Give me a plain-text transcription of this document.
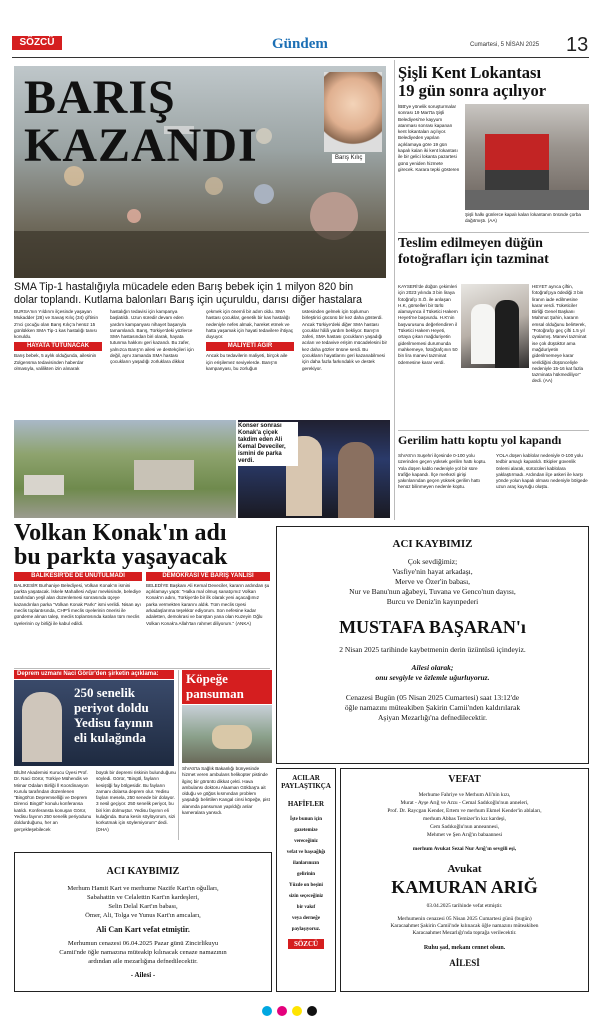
SÖZCÜ	Gündem	Cumartesi, 5 NİSAN 2025 13
BARIŞ
KAZANDI	Barış Kılıç
SMA Tip-1 hastalığıyla mücadele eden Barış bebek için 1 milyon 820 bin
dolar toplandı. Kutlama balonları Barış için uçuruldu, darısı diğer hastalara

BURSA'nın Yıldırım ilçesinde yaşayan Mukadder (28) ve Savaş Kılıç (34) çiftinin 2'nci çocuğu olan Barış Kılıç'a henüz 15 günlükken SMA Tip-1 kas hastalığı tanısı konuldu.

HAYATA TUTUNACAK

Barış bebek, 5 aylık olduğunda, ailesinin Zolgensma tedavisinden haberdar olmasıyla, valilikten izin alınarak

hastalığın tedavisi için kampanya başlatıldı. Uzun süredir devam eden yardım kampanyası nihayet başarıyla tamamlandı. Barış, Türkiye'deki yüzlerce SMA hastasından biri olarak, hayata tutunma hakkını geri kazandı. Bu zafer, yalnızca Barış'ın ailesi ve destekçileri için değil, aynı zamanda SMA hastası çocukların yaşadığı zorluklara dikkat

çekmek için önemli bir adım oldu. SMA hastası çocuklar, genetik bir kas hastalığı nedeniyle nefes almak, hareket etmek ve hatta yaşamak için hayati tedavilere ihtiyaç duyuyor.

MALİYETİ AĞIR

Ancak bu tedavilerin maliyeti, birçok aile için erişilemez seviyelerde. Barış'ın kampanyası, bu zorluğun

üstesinden gelmek için toplumun birleştirici gücünü bir kez daha gösterdi. Ancak Türkiye'deki diğer SMA hastası çocuklar hâlâ yardım bekliyor. Barış'ın zaferi, SMA hastası çocukların yaşadığı acıları ve tedavive erişim mücadelesini bir kez daha gözler önüne serdi. Bu çocukların hayatlarını geri kazanabilmesi için daha fazla farkındalık ve destek gerekiyor.

Şişli Kent Lokantası
19 gün sonra açılıyor

İBB'ye yönelik soruşturmalar sonrası 19 Mart'ta Şişli Belediyesi'ne kayyum atanması sonrası kapanan kent lokantaları açılıyor. Belediyeden yapılan açıklamaya göre 19 gün kapalı kalan iki kent lokantası ile bir gelici lokanta pazartesi günü yeniden hizmete girecek. Karara tepki gösteren

Şişli halkı günlerce kapalı kalan lokantanın önünde çorba dağıtmıştı. (AA)

Teslim edilmeyen düğün
fotoğrafları için tazminat

KAYSERİ'de düğün çekimleri için 2023 yılında 3 bin liraya fotoğrafçı S.Ö. ile anlaşan H.K, görselleri bir türlü alamayınca il Tüketici Hakem Heyeti'ne başvurdu. H.K'nin başvurusunu değerlendiren il Tüketici Hakem Heyeti, ortaya çıkan mağduriyetin giderilmemesi durumunda mahkemeye, fotoğrafçının 50 bin lira manevi tazminat ödemesine karar verdi.

HEYET ayrıca çiftin, fotoğrafçıya ödediği 3 bin liranın iade edilmesine karar verdi. Tüketiciler Birliği Genel Başkanı Mahmut Şahin, kararın emsal olduğunu belirterek, "Fotoğrafçı geç çifti 1.5 yıl oyalamış. Manevi tazminat ise çok düşüktür ama mağduriyetin giderilmemeye karar verildiğini düşünceliyle nedeniyle 15-16 kat fazla tazminata hükmediliyor" dedi. (AA)

Gerilim hattı koptu yol kapandı

SİVAS'ın Suşehri ilçesinde 0-100 yolu üzerinden geçen yüksek gerilim hattı koptu. Yola düşen kablo nedeniyle yol bir süre trafiğe kapandı. İlçe merkezi girişi yakınlarından geçen yüksek gerilim hattı henüz bilinmeyen nedenle koptu.

YOLA düşen kablolar nedeniyle 0-100 yolu tedbir amaçlı kapatıldı. Ekipler güvenlik önlemi alarak, sürücüleri kablolara yaklaştırmadı. Ardından ilçe askeri ile karşı yönde yolun kapalı olması nedeniyle bölgede uzun araç kuyruğu oluştu.

Konser sonrası Konak'a çiçek takdim eden Ali Kemal Deveciler, ismini de parka verdi.

Volkan Konak'ın adı
bu parkta yaşayacak
BALIKESİR'DE DE UNUTULMADI

BALIKESİR Burhaniye Belediyesi, Volkan Konak'ın ismini parkta yaşatacak. İskele Mahallesi Adyar mevkisinde, belediye tarafından yeşil alan düzenlemesi sonrasında üçeye kazandırılan parka "Volkan Konak Parkı" ismi verildi. Nisan ayı meclis toplantısında, CHP'li meclis üyelerinin önerisi ile gündeme alınan talep, meclis toplantısında katılan tüm meclis üyelerinin oy birliği ile kabul edildi.

DEMOKRASİ VE BARIŞ YANLISI

BELEDİYE Başkanı Ali Kemal Deveciler, kararın ardından şu açıklamayı yaptı: "Halka mal olmuş sanatçımız Volkan Konak'ın adını, Türkiye'de bir ilk olarak yeni açacağımız parka vermekten kararını aldık. Tüm meclis üyesi arkadaşlarıma teşekkür ediyorum. Son nefesine kadar adaletten, demokrasi ve barıştan yana olan Kuzeyin Oğlu Volkan Konak'a Allah'tan rahmet diliyorum." (ANKA)

Deprem uzmanı Naci Görür'den şirketin açıklama:
250 senelik
periyot doldu
Yedisu fayının
eli kulağında

BİLİM Akademisi Kurucu Üyesi Prof. Dr. Naci Görür, Türkiye Mühendis ve Mimar Odaları Birliği İl Koordinasyon Kurulu tarafından düzenlenen "Bingöl'ün Depremselliği ve Deprem Direnci Bingöl" konulu konferansa katıldı. Konferansta konuşan Görür, Yedisu fayının 250 senelik periyodunu doldurduğunu, her an gerçekleşebilecek

büyük bir depremi riskinin bulunduğunu söyledi. Görür, "Bingöl, fayların kesiştiği fay bölgesidir. Bu fayların zamanı dolarsa deprem olur. Yedisu fayları mesela, 250 senede bir dolayor. 3 nesil geçiyor. 250 senelik periyot, bu biri kim dolmuştur. Yedisu fayının eli kulağında. Buna kesin söylüyorum, sizi korkutmak için söylemiyorum" dedi. (DHA)

Köpeğe
pansuman

SİVAS'ta Sağlık Bakanlığı bünyesinde hizmet veren ambulans helikopter pistinde ilginç bir görüntü dikkat çekti. Hava ambulansı doktoru Alaaman Gökbaş'a ait olduğu ve göğüs kısmından problem yaşadığı belirtilen Kangal cinsi köpeğe, pist alanında pansuman yapıldığı anlar kameralara yansıdı.

ACI KAYBIMIZ
Çok sevdiğimiz;
Vasfiye'nin hayat arkadaşı,
Merve ve Özer'in babası,
Nur ve Banu'nun ağabeyi, Tuvana ve Genco'nun dayısı,
Burcu ve Deniz'in kayınpederi
MUSTAFA BAŞARAN'ı
2 Nisan 2025 tarihinde kaybetmenin derin üzüntüsü içindeyiz.
Ailesi olarak;
onu sevgiyle ve özlemle uğurluyoruz.
Cenazesi Bugün (05 Nisan 2025 Cumartesi) saat 13:12'de
öğle namazını müteakiben Şakirin Camii'nden kaldırılarak
Aşiyan Mezarlığı'na defnedilecektir.
ACILAR
PAYLAŞTIKÇA
HAFİFLER
İşte bunun için
gazetemize
vereceğiniz
vefat ve başsağlığı
ilanlarınızın
gelirinin
Yüzde on beşini
sizin seçeceğiniz
bir vakıf
veya derneğe
paylaşıyoruz.
SÖZCÜ
VEFAT
Merhume Fahriye ve Merhum Ali'nin kızı,
Murat - Ayşe Arığ ve Arzu - Cemal Sadıkoğlu'nun anneleri,
Prof. Dr. Raycgan Kender, Ertem ve merhum Ekmel Kender'in ablaları,
merhum Abbas Temizer'in kız kardeşi,
Cem Sadıkoğlu'nun anneannesi,
Mehmet ve Şen Arığ'ın babaannesi
merhum Avukat Sezai Nur Arığ'ın sevgili eşi,
Avukat
KAMURAN ARIĞ
03.04.2025 tarihinde vefat etmiştir.
Merhumenin cenazesi 05 Nisan 2025 Cumartesi günü (bugün)
Karacaahmet Şakirin Camii'nde kılınacak öğle namazını müteakiben
Karacaahmet Mezarlığı'nda toprağa verilecektir.
Ruhu şad, mekanı cennet olsun.
AİLESİ
ACI KAYBIMIZ
Merhum Hamit Kart ve merhume Nazife Kart'ın oğulları,
Sabahattin ve Celalettin Kart'ın kardeşleri,
Selin Delal Kart'ın babası,
Ömer, Ali, Tolga ve Yunus Kart'ın amcaları,
Ali Can Kart vefat etmiştir.
Merhumun cenazesi 06.04.2025 Pazar günü Zincirlikuyu
Camii'nde öğle namazına müteakip kılınacak cenaze namazının
ardından aile mezarlığına defnedilecektir.
- Ailesi -
